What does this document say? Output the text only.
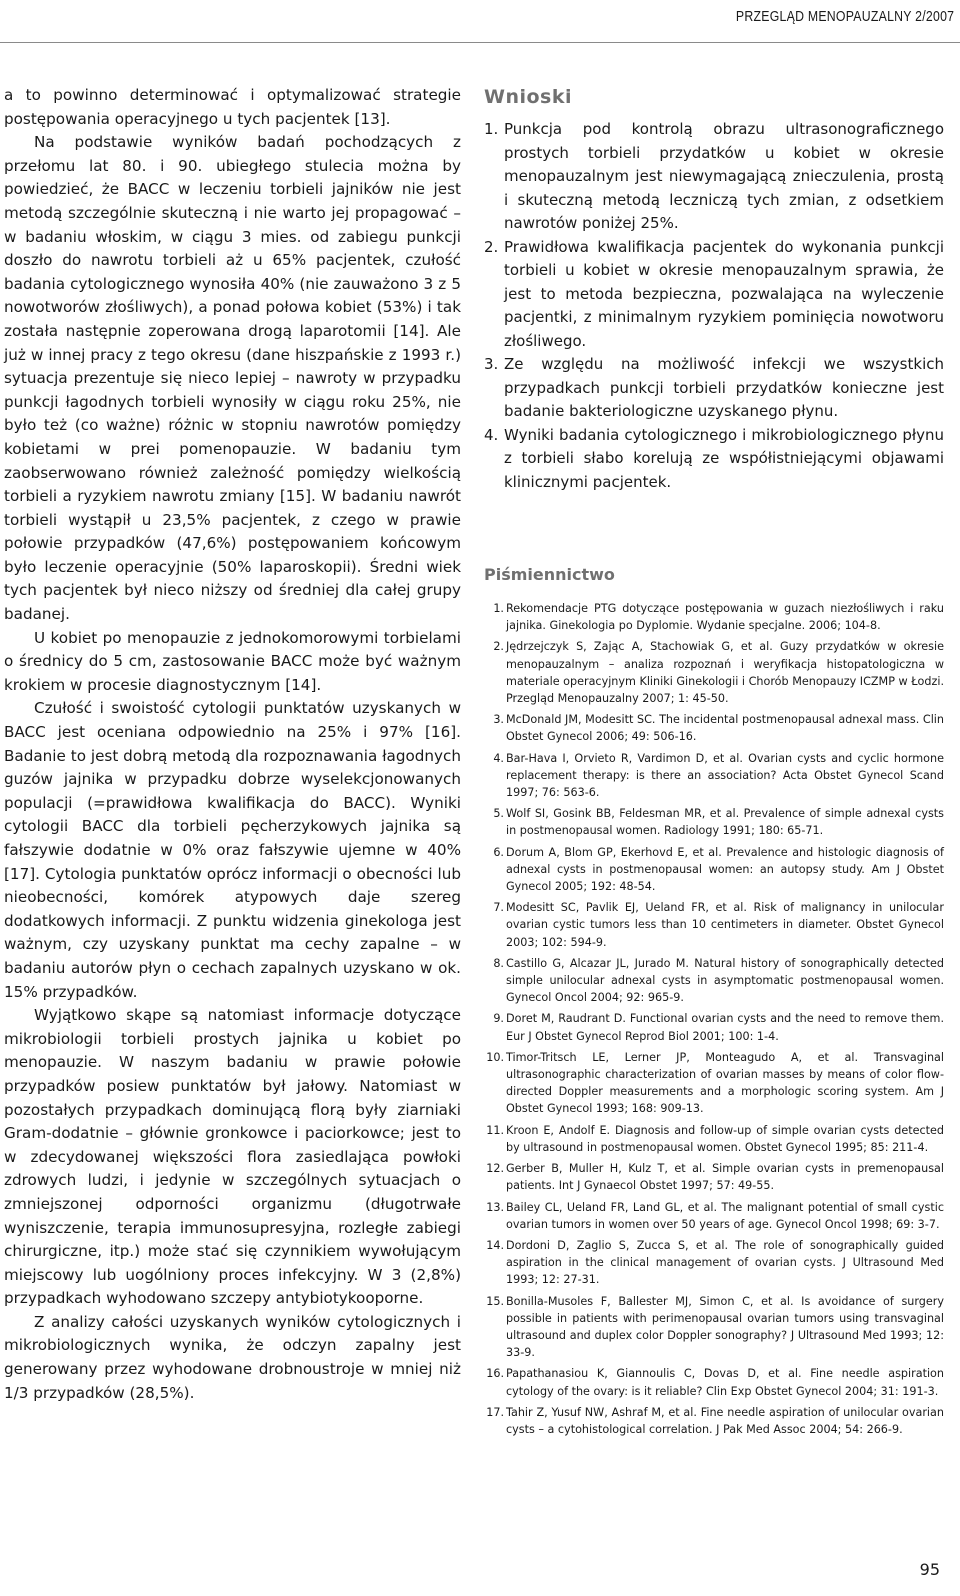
PRZEGLĄD MENOPAUZALNY 2/2007

a to powinno determinować i optymalizować strategie postępowania operacyjnego u tych pacjentek [13].

Na podstawie wyników badań pochodzących z przełomu lat 80. i 90. ubiegłego stulecia można by powiedzieć, że BACC w leczeniu torbieli jajników nie jest metodą szczególnie skuteczną i nie warto jej propagować – w badaniu włoskim, w ciągu 3 mies. od zabiegu punkcji doszło do nawrotu torbieli aż u 65% pacjentek, czułość badania cytologicznego wynosiła 40% (nie zauważono 3 z 5 nowotworów złośliwych), a ponad połowa kobiet (53%) i tak została następnie zoperowana drogą laparotomii [14]. Ale już w innej pracy z tego okresu (dane hiszpańskie z 1993 r.) sytuacja prezentuje się nieco lepiej – nawroty w przypadku punkcji łagodnych torbieli wynosiły w ciągu roku 25%, nie było też (co ważne) różnic w stopniu nawrotów pomiędzy kobietami w prei pomenopauzie. W badaniu tym zaobserwowano również zależność pomiędzy wielkością torbieli a ryzykiem nawrotu zmiany [15]. W badaniu nawrót torbieli wystąpił u 23,5% pacjentek, z czego w prawie połowie przypadków (47,6%) postępowaniem końcowym było leczenie operacyjnie (50% laparoskopii). Średni wiek tych pacjentek był nieco niższy od średniej dla całej grupy badanej.

U kobiet po menopauzie z jednokomorowymi torbielami o średnicy do 5 cm, zastosowanie BACC może być ważnym krokiem w procesie diagnostycznym [14].

Czułość i swoistość cytologii punktatów uzyskanych w BACC jest oceniana odpowiednio na 25% i 97% [16]. Badanie to jest dobrą metodą dla rozpoznawania łagodnych guzów jajnika w przypadku dobrze wyselekcjonowanych populacji (=prawidłowa kwalifikacja do BACC). Wyniki cytologii BACC dla torbieli pęcherzykowych jajnika są fałszywie dodatnie w 0% oraz fałszywie ujemne w 40% [17]. Cytologia punktatów oprócz informacji o obecności lub nieobecności, komórek atypowych daje szereg dodatkowych informacji. Z punktu widzenia ginekologa jest ważnym, czy uzyskany punktat ma cechy zapalne – w badaniu autorów płyn o cechach zapalnych uzyskano w ok. 15% przypadków.

Wyjątkowo skąpe są natomiast informacje dotyczące mikrobiologii torbieli prostych jajnika u kobiet po menopauzie. W naszym badaniu w prawie połowie przypadków posiew punktatów był jałowy. Natomiast w pozostałych przypadkach dominującą florą były ziarniaki Gram-dodatnie – głównie gronkowce i paciorkowce; jest to w zdecydowanej większości flora zasiedlająca powłoki zdrowych ludzi, i jedynie w szczególnych sytuacjach o zmniejszonej odporności organizmu (długotrwałe wyniszczenie, terapia immunosupresyjna, rozległe zabiegi chirurgiczne, itp.) może stać się czynnikiem wywołującym miejscowy lub uogólniony proces infekcyjny. W 3 (2,8%) przypadkach wyhodowano szczepy antybiotykooporne.

Z analizy całości uzyskanych wyników cytologicznych i mikrobiologicznych wynika, że odczyn zapalny jest generowany przez wyhodowane drobnoustroje w mniej niż 1/3 przypadków (28,5%).

Wnioski
1. Punkcja pod kontrolą obrazu ultrasonograficznego prostych torbieli przydatków u kobiet w okresie menopauzalnym jest niewymagającą znieczulenia, prostą i skuteczną metodą leczniczą tych zmian, z odsetkiem nawrotów poniżej 25%.
2. Prawidłowa kwalifikacja pacjentek do wykonania punkcji torbieli u kobiet w okresie menopauzalnym sprawia, że jest to metoda bezpieczna, pozwalająca na wyleczenie pacjentki, z minimalnym ryzykiem pominięcia nowotworu złośliwego.
3. Ze względu na możliwość infekcji we wszystkich przypadkach punkcji torbieli przydatków konieczne jest badanie bakteriologiczne uzyskanego płynu.
4. Wyniki badania cytologicznego i mikrobiologicznego płynu z torbieli słabo korelują ze współistniejącymi objawami klinicznymi pacjentek.
Piśmiennictwo
1. Rekomendacje PTG dotyczące postępowania w guzach niezłośliwych i raku jajnika. Ginekologia po Dyplomie. Wydanie specjalne. 2006; 104-8.
2. Jędrzejczyk S, Zając A, Stachowiak G, et al. Guzy przydatków w okresie menopauzalnym – analiza rozpoznań i weryfikacja histopatologiczna w materiale operacyjnym Kliniki Ginekologii i Chorób Menopauzy ICZMP w Łodzi. Przegląd Menopauzalny 2007; 1: 45-50.
3. McDonald JM, Modesitt SC. The incidental postmenopausal adnexal mass. Clin Obstet Gynecol 2006; 49: 506-16.
4. Bar-Hava I, Orvieto R, Vardimon D, et al. Ovarian cysts and cyclic hormone replacement therapy: is there an association? Acta Obstet Gynecol Scand 1997; 76: 563-6.
5. Wolf SI, Gosink BB, Feldesman MR, et al. Prevalence of simple adnexal cysts in postmenopausal women. Radiology 1991; 180: 65-71.
6. Dorum A, Blom GP, Ekerhovd E, et al. Prevalence and histologic diagnosis of adnexal cysts in postmenopausal women: an autopsy study. Am J Obstet Gynecol 2005; 192: 48-54.
7. Modesitt SC, Pavlik EJ, Ueland FR, et al. Risk of malignancy in unilocular ovarian cystic tumors less than 10 centimeters in diameter. Obstet Gynecol 2003; 102: 594-9.
8. Castillo G, Alcazar JL, Jurado M. Natural history of sonographically detected simple unilocular adnexal cysts in asymptomatic postmenopausal women. Gynecol Oncol 2004; 92: 965-9.
9. Doret M, Raudrant D. Functional ovarian cysts and the need to remove them. Eur J Obstet Gynecol Reprod Biol 2001; 100: 1-4.
10. Timor-Tritsch LE, Lerner JP, Monteagudo A, et al. Transvaginal ultrasonographic characterization of ovarian masses by means of color flow-directed Doppler measurements and a morphologic scoring system. Am J Obstet Gynecol 1993; 168: 909-13.
11. Kroon E, Andolf E. Diagnosis and follow-up of simple ovarian cysts detected by ultrasound in postmenopausal women. Obstet Gynecol 1995; 85: 211-4.
12. Gerber B, Muller H, Kulz T, et al. Simple ovarian cysts in premenopausal patients. Int J Gynaecol Obstet 1997; 57: 49-55.
13. Bailey CL, Ueland FR, Land GL, et al. The malignant potential of small cystic ovarian tumors in women over 50 years of age. Gynecol Oncol 1998; 69: 3-7.
14. Dordoni D, Zaglio S, Zucca S, et al. The role of sonographically guided aspiration in the clinical management of ovarian cysts. J Ultrasound Med 1993; 12: 27-31.
15. Bonilla-Musoles F, Ballester MJ, Simon C, et al. Is avoidance of surgery possible in patients with perimenopausal ovarian tumors using transvaginal ultrasound and duplex color Doppler sonography? J Ultrasound Med 1993; 12: 33-9.
16. Papathanasiou K, Giannoulis C, Dovas D, et al. Fine needle aspiration cytology of the ovary: is it reliable? Clin Exp Obstet Gynecol 2004; 31: 191-3.
17. Tahir Z, Yusuf NW, Ashraf M, et al. Fine needle aspiration of unilocular ovarian cysts – a cytohistological correlation. J Pak Med Assoc 2004; 54: 266-9.
95
